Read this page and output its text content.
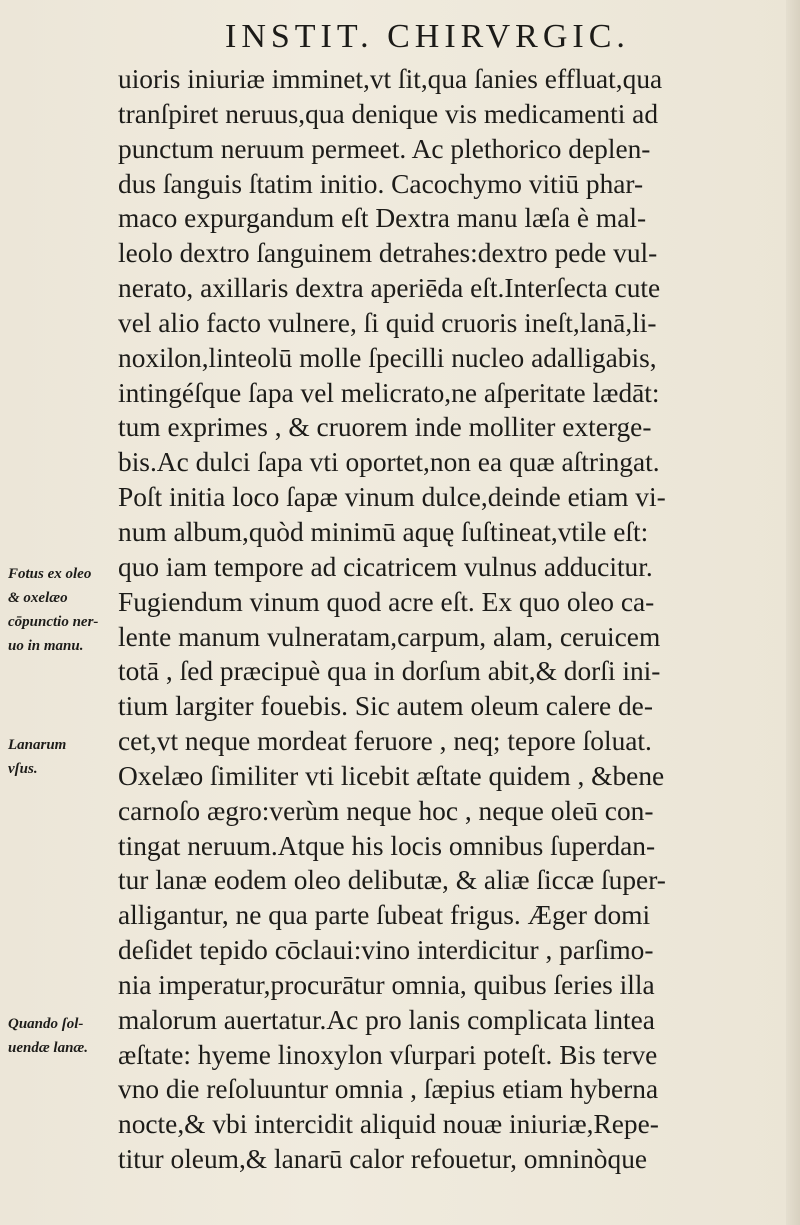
INSTIT. CHIRVRGIC.
uioris iniuriæ imminet,vt ſit,qua ſanies effluat,qua
tranſpiret neruus,qua denique vis medicamenti ad
punctum neruum permeet. Ac plethorico deplen-
dus ſanguis ſtatim initio. Cacochymo vitiū phar-
maco expurgandum eſt Dextra manu læſa è mal-
leolo dextro ſanguinem detrahes:dextro pede vul-
nerato, axillaris dextra aperiēda eſt.Interſecta cute
vel alio facto vulnere, ſi quid cruoris ineſt,lanā,li-
noxilon,linteolū molle ſpecilli nucleo adalligabis,
intingéſque ſapa vel melicrato,ne aſperitate lædāt:
tum exprimes , & cruorem inde molliter exterge-
bis.Ac dulci ſapa vti oportet,non ea quæ aſtringat.
Poſt initia loco ſapæ vinum dulce,deinde etiam vi-
num album,quòd minimū aquę ſuſtineat,vtile eſt:
quo iam tempore ad cicatricem vulnus adducitur.
Fugiendum vinum quod acre eſt. Ex quo oleo ca-
lente manum vulneratam,carpum, alam, ceruicem
totā , ſed præcipuè qua in dorſum abit,& dorſi ini-
tium largiter fouebis. Sic autem oleum calere de-
cet,vt neque mordeat feruore , neq; tepore ſoluat.
Oxelæo ſimiliter vti licebit æſtate quidem , &bene
carnoſo ægro:verùm neque hoc , neque oleū con-
tingat neruum.Atque his locis omnibus ſuperdan-
tur lanæ eodem oleo delibutæ, & aliæ ſiccæ ſuper-
alligantur, ne qua parte ſubeat frigus. Æger domi
deſidet tepido cōclaui:vino interdicitur , parſimo-
nia imperatur,procurātur omnia, quibus ſeries illa
malorum auertatur.Ac pro lanis complicata lintea
æſtate: hyeme linoxylon vſurpari poteſt. Bis terve
vno die reſoluuntur omnia , ſæpius etiam hyberna
nocte,& vbi intercidit aliquid nouæ iniuriæ,Repe-
titur oleum,& lanarū calor refouetur, omninòque
Fotus ex oleo
& oxelæo
cōpunctio ner-
uo in manu.
Lanarum
vſus.
Quando ſol-
uendæ lanæ.
